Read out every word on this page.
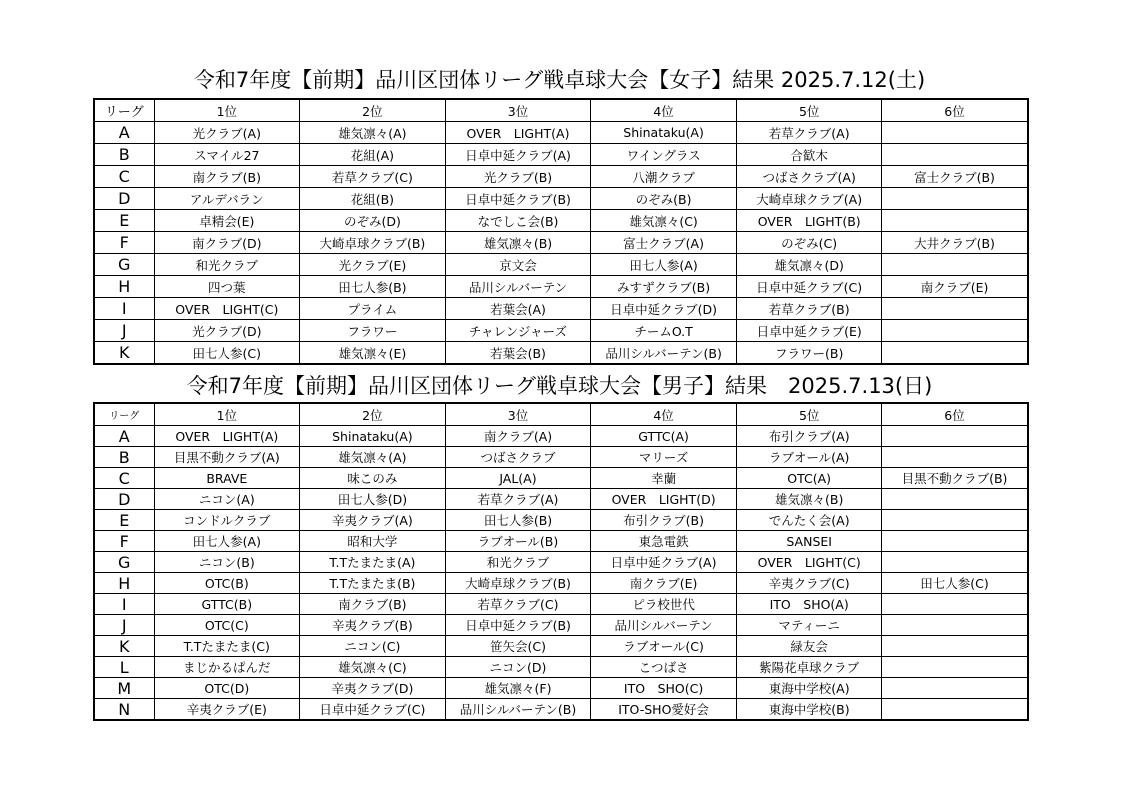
令和7年度【前期】品川区団体リーグ戦卓球大会【女子】結果 2025.7.12(土)
リーグ	1位	2位	3位	4位	5位	6位
A	光クラブ(A)	雄気凛々(A)	OVER　LIGHT(A)	Shinataku(A)	若草クラブ(A)	
B	スマイル27	花組(A)	日卓中延クラブ(A)	ワイングラス	合歓木	
C	南クラブ(B)	若草クラブ(C)	光クラブ(B)	八潮クラブ	つばさクラブ(A)	富士クラブ(B)
D	アルデバラン	花組(B)	日卓中延クラブ(B)	のぞみ(B)	大崎卓球クラブ(A)	
E	卓精会(E)	のぞみ(D)	なでしこ会(B)	雄気凛々(C)	OVER　LIGHT(B)	
F	南クラブ(D)	大崎卓球クラブ(B)	雄気凛々(B)	富士クラブ(A)	のぞみ(C)	大井クラブ(B)
G	和光クラブ	光クラブ(E)	京文会	田七人参(A)	雄気凛々(D)	
H	四つ葉	田七人参(B)	品川シルバーテン	みすずクラブ(B)	日卓中延クラブ(C)	南クラブ(E)
I	OVER　LIGHT(C)	プライム	若葉会(A)	日卓中延クラブ(D)	若草クラブ(B)	
J	光クラブ(D)	フラワー	チャレンジャーズ	チームO.T	日卓中延クラブ(E)	
K	田七人参(C)	雄気凛々(E)	若葉会(B)	品川シルバーテン(B)	フラワー(B)	
令和7年度【前期】品川区団体リーグ戦卓球大会【男子】結果　2025.7.13(日)
リーグ	1位	2位	3位	4位	5位	6位
A	OVER　LIGHT(A)	Shinataku(A)	南クラブ(A)	GTTC(A)	布引クラブ(A)	
B	目黒不動クラブ(A)	雄気凛々(A)	つばさクラブ	マリーズ	ラブオール(A)	
C	BRAVE	味このみ	JAL(A)	幸蘭	OTC(A)	目黒不動クラブ(B)
D	ニコン(A)	田七人参(D)	若草クラブ(A)	OVER　LIGHT(D)	雄気凛々(B)	
E	コンドルクラブ	辛夷クラブ(A)	田七人参(B)	布引クラブ(B)	でんたく会(A)	
F	田七人参(A)	昭和大学	ラブオール(B)	東急電鉄	SANSEI	
G	ニコン(B)	T.Tたまたま(A)	和光クラブ	日卓中延クラブ(A)	OVER　LIGHT(C)	
H	OTC(B)	T.Tたまたま(B)	大崎卓球クラブ(B)	南クラブ(E)	辛夷クラブ(C)	田七人参(C)
I	GTTC(B)	南クラブ(B)	若草クラブ(C)	ピラ校世代	ITO　SHO(A)	
J	OTC(C)	辛夷クラブ(B)	日卓中延クラブ(B)	品川シルバーテン	マティーニ	
K	T.Tたまたま(C)	ニコン(C)	笹矢会(C)	ラブオール(C)	緑友会	
L	まじかるぱんだ	雄気凛々(C)	ニコン(D)	こつばさ	紫陽花卓球クラブ	
M	OTC(D)	辛夷クラブ(D)	雄気凛々(F)	ITO　SHO(C)	東海中学校(A)	
N	辛夷クラブ(E)	日卓中延クラブ(C)	品川シルバーテン(B)	ITO-SHO愛好会	東海中学校(B)	
